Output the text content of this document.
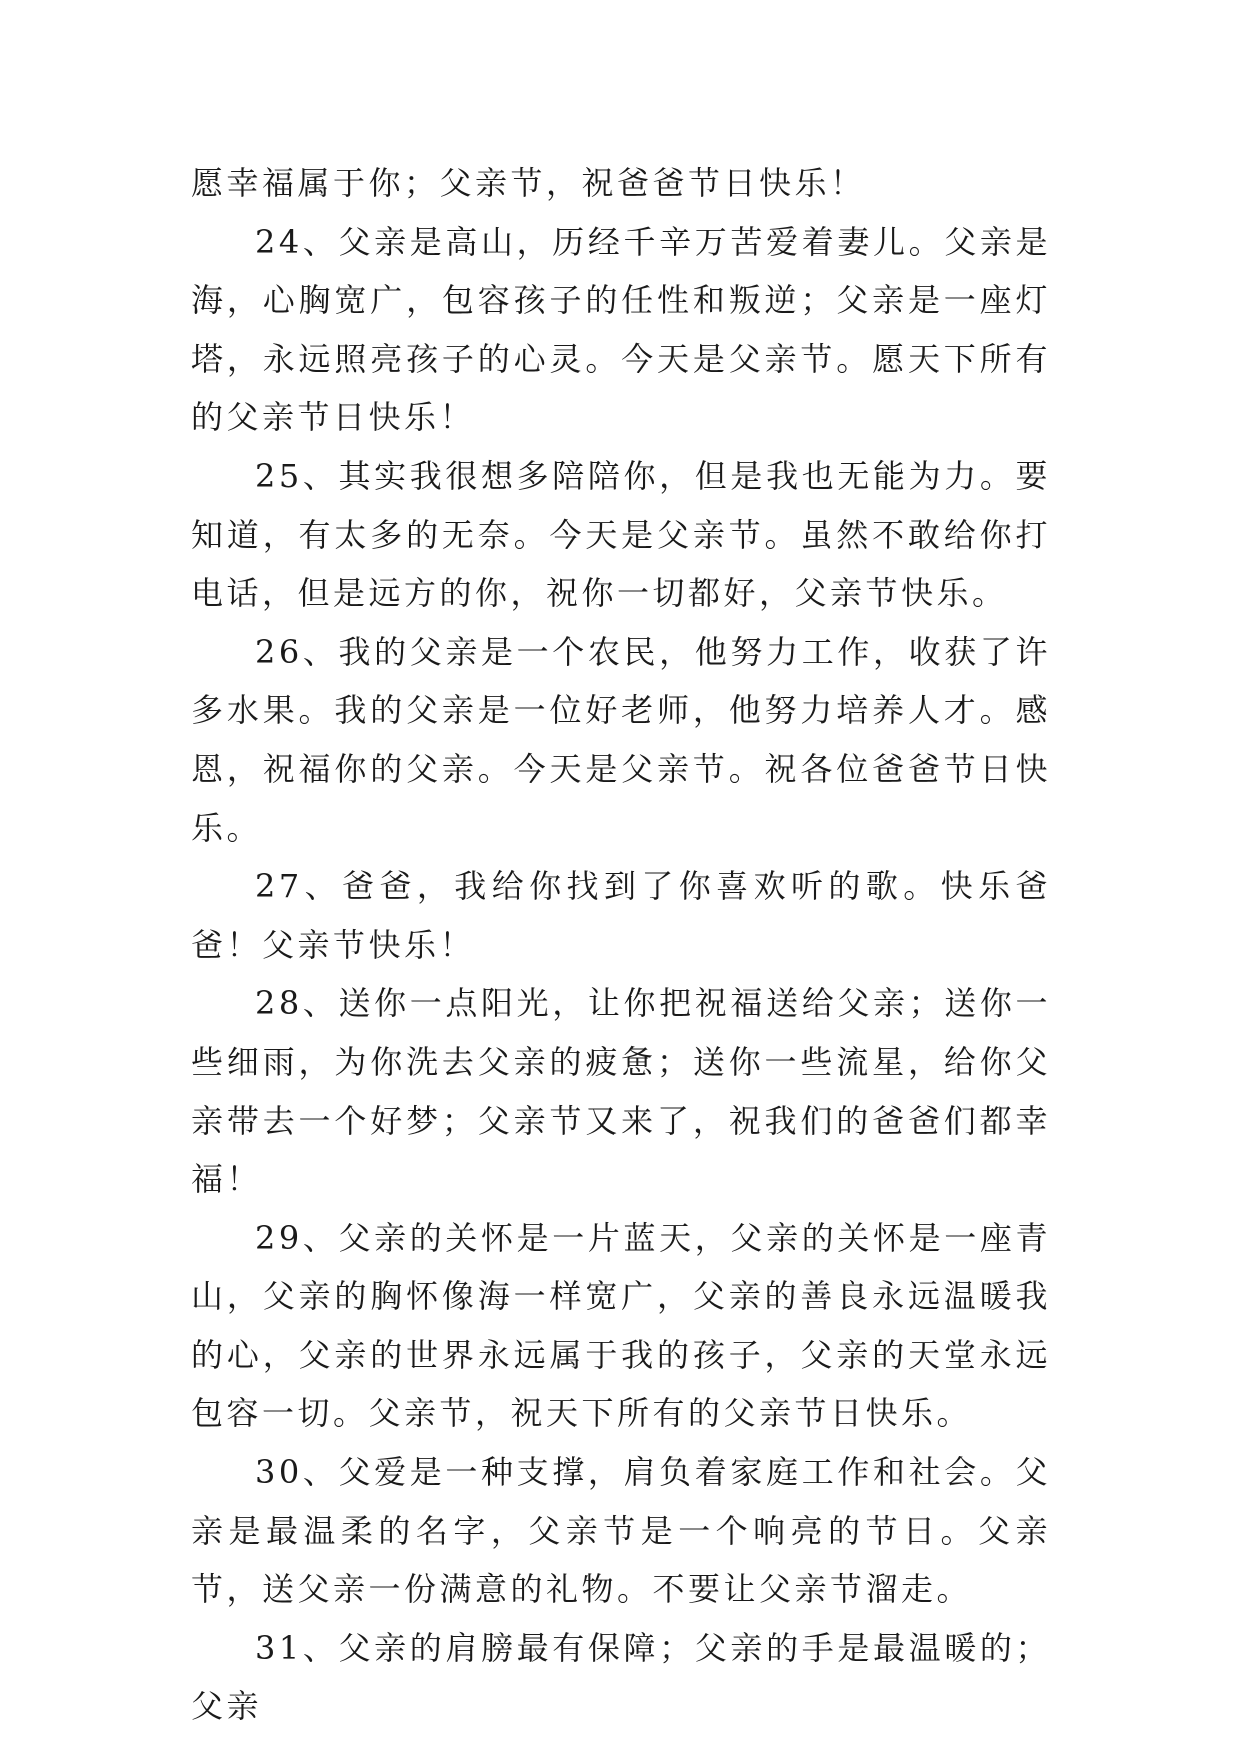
愿幸福属于你；父亲节，祝爸爸节日快乐！

24、父亲是高山，历经千辛万苦爱着妻儿。父亲是海，心胸宽广，包容孩子的任性和叛逆；父亲是一座灯塔，永远照亮孩子的心灵。今天是父亲节。愿天下所有的父亲节日快乐！

25、其实我很想多陪陪你，但是我也无能为力。要知道，有太多的无奈。今天是父亲节。虽然不敢给你打电话，但是远方的你，祝你一切都好，父亲节快乐。

26、我的父亲是一个农民，他努力工作，收获了许多水果。我的父亲是一位好老师，他努力培养人才。感恩，祝福你的父亲。今天是父亲节。祝各位爸爸节日快乐。

27、爸爸，我给你找到了你喜欢听的歌。快乐爸爸！父亲节快乐！

28、送你一点阳光，让你把祝福送给父亲；送你一些细雨，为你洗去父亲的疲惫；送你一些流星，给你父亲带去一个好梦；父亲节又来了，祝我们的爸爸们都幸福！

29、父亲的关怀是一片蓝天，父亲的关怀是一座青山，父亲的胸怀像海一样宽广，父亲的善良永远温暖我的心，父亲的世界永远属于我的孩子，父亲的天堂永远包容一切。父亲节，祝天下所有的父亲节日快乐。

30、父爱是一种支撑，肩负着家庭工作和社会。父亲是最温柔的名字，父亲节是一个响亮的节日。父亲节，送父亲一份满意的礼物。不要让父亲节溜走。

31、父亲的肩膀最有保障；父亲的手是最温暖的；父亲
